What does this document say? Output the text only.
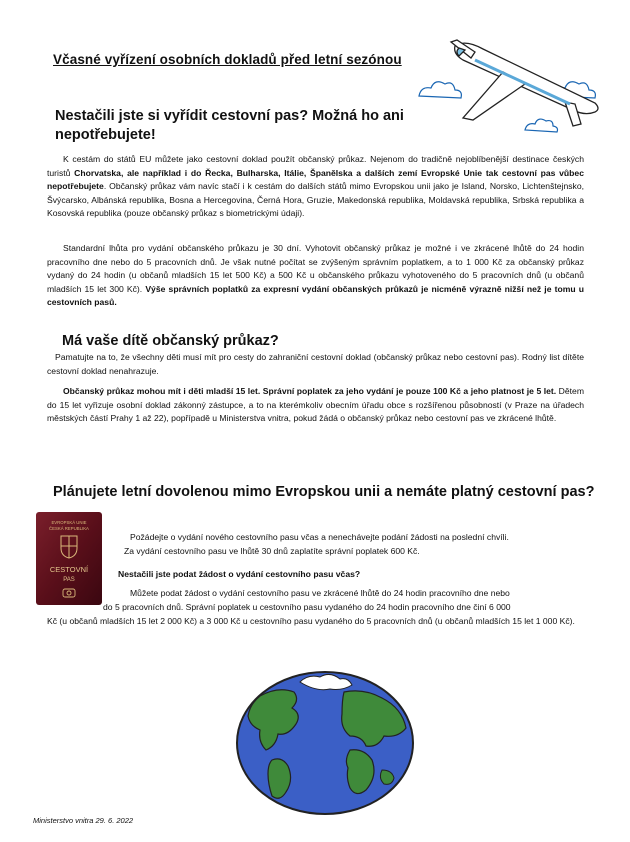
Včasné vyřízení osobních dokladů před letní sezónou
Nestačili jste si vyřídit cestovní pas? Možná ho ani
nepotřebujete!
K cestám do států EU můžete jako cestovní doklad použít občanský průkaz. Nejenom do tradičně nejoblíbenější destinace českých turistů Chorvatska, ale například i do Řecka, Bulharska, Itálie, Španělska a dalších zemí Evropské Unie tak cestovní pas vůbec nepotřebujete. Občanský průkaz vám navíc stačí i k cestám do dalších států mimo Evropskou unii jako je Island, Norsko, Lichtenštejnsko, Švýcarsko, Albánská republika, Bosna a Hercegovina, Černá Hora, Gruzie, Makedonská republika, Moldavská republika, Srbská republika a Kosovská republika (pouze občanský průkaz s biometrickými údaji).
Standardní lhůta pro vydání občanského průkazu je 30 dní. Vyhotovit občanský průkaz je možné i ve zkrácené lhůtě do 24 hodin pracovního dne nebo do 5 pracovních dnů. Je však nutné počítat se zvýšeným správním poplatkem, a to 1 000 Kč za občanský průkaz vydaný do 24 hodin (u občanů mladších 15 let 500 Kč) a 500 Kč u občanského průkazu vyhotoveného do 5 pracovních dnů (u občanů mladších 15 let 300 Kč). Výše správních poplatků za expresní vydání občanských průkazů je nicméně výrazně nižší než je tomu u cestovních pasů.
Má vaše dítě občanský průkaz?
Pamatujte na to, že všechny děti musí mít pro cesty do zahraniční cestovní doklad (občanský průkaz nebo cestovní pas). Rodný list dítěte cestovní doklad nenahrazuje.
Občanský průkaz mohou mít i děti mladší 15 let. Správní poplatek za jeho vydání je pouze 100 Kč a jeho platnost je 5 let. Dětem do 15 let vyřizuje osobní doklad zákonný zástupce, a to na kterémkoliv obecním úřadu obce s rozšířenou působností (v Praze na úřadech městských částí Prahy 1 až 22), popřípadě u Ministerstva vnitra, pokud žádá o občanský průkaz nebo cestovní pas ve zkrácené lhůtě.
Plánujete letní dovolenou mimo Evropskou unii a nemáte platný cestovní pas?
EVROPSKÁ UNIE
ČESKÁ REPUBLIKA
CESTOVNÍ
PAS
Požádejte o vydání nového cestovního pasu včas a nenechávejte podání žádosti na poslední chvíli.
Za vydání cestovního pasu ve lhůtě 30 dnů zaplatíte správní poplatek 600 Kč.
Nestačili jste podat žádost o vydání cestovního pasu včas?
Můžete podat žádost o vydání cestovního pasu ve zkrácené lhůtě do 24 hodin pracovního dne nebo
do 5 pracovních dnů. Správní poplatek u cestovního pasu vydaného do 24 hodin pracovního dne činí 6 000
Kč (u občanů mladších 15 let 2 000 Kč) a 3 000 Kč u cestovního pasu vydaného do 5 pracovních dnů (u občanů mladších 15 let 1 000 Kč).
Ministerstvo vnitra 29. 6. 2022
